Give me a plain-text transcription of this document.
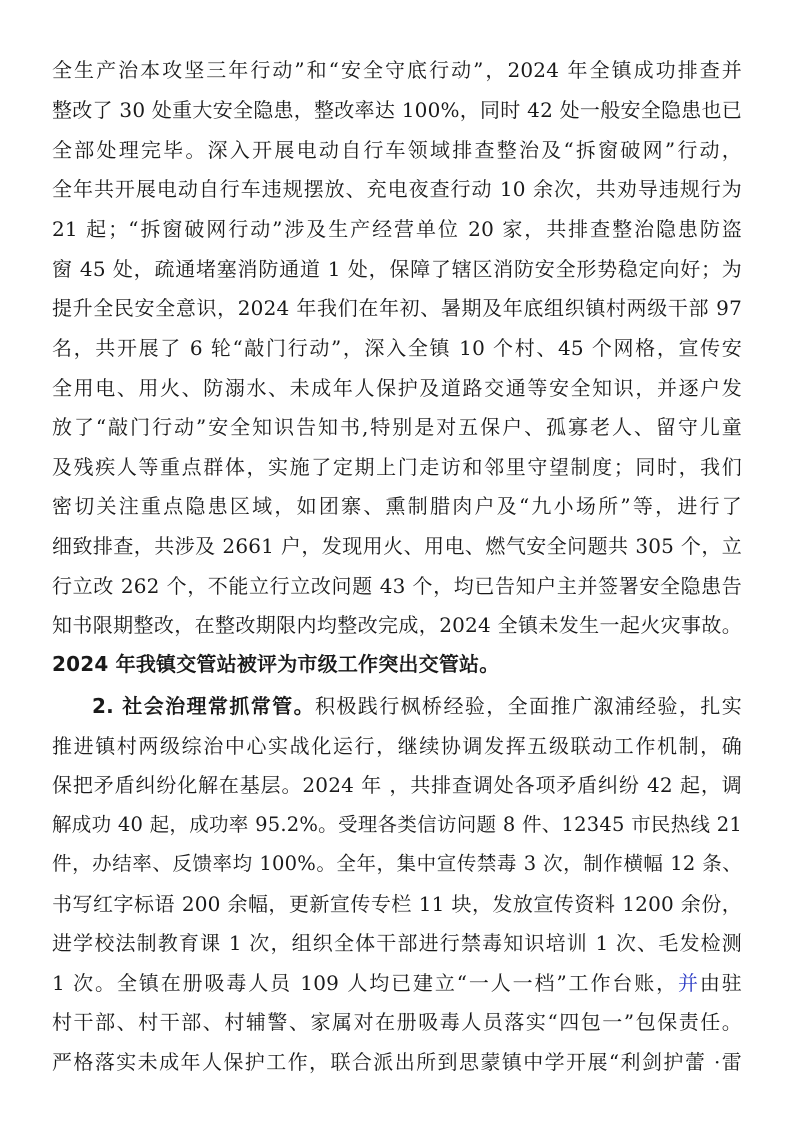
全生产治本攻坚三年行动”和“安全守底行动”，2024 年全镇成功排查并
整改了 30 处重大安全隐患，整改率达 100%，同时 42 处一般安全隐患也已
全部处理完毕。深入开展电动自行车领域排查整治及“拆窗破网”行动，
全年共开展电动自行车违规摆放、充电夜查行动 10 余次，共劝导违规行为
21 起；“拆窗破网行动”涉及生产经营单位 20 家，共排查整治隐患防盗
窗 45 处，疏通堵塞消防通道 1 处，保障了辖区消防安全形势稳定向好；为
提升全民安全意识，2024 年我们在年初、暑期及年底组织镇村两级干部 97
名，共开展了 6 轮“敲门行动”，深入全镇 10 个村、45 个网格，宣传安
全用电、用火、防溺水、未成年人保护及道路交通等安全知识，并逐户发
放了“敲门行动”安全知识告知书,特别是对五保户、孤寡老人、留守儿童
及残疾人等重点群体，实施了定期上门走访和邻里守望制度；同时，我们
密切关注重点隐患区域，如团寨、熏制腊肉户及“九小场所”等，进行了
细致排查，共涉及 2661 户，发现用火、用电、燃气安全问题共 305 个，立
行立改 262 个，不能立行立改问题 43 个，均已告知户主并签署安全隐患告
知书限期整改，在整改期限内均整改完成，2024 全镇未发生一起火灾事故。
2024 年我镇交管站被评为市级工作突出交管站。
2. 社会治理常抓常管。积极践行枫桥经验，全面推广溆浦经验，扎实
推进镇村两级综治中心实战化运行，继续协调发挥五级联动工作机制，确
保把矛盾纠纷化解在基层。2024 年 ，共排查调处各项矛盾纠纷 42 起，调
解成功 40 起，成功率 95.2%。受理各类信访问题 8 件、12345 市民热线 21
件，办结率、反馈率均 100%。全年，集中宣传禁毒 3 次，制作横幅 12 条、
书写红字标语 200 余幅，更新宣传专栏 11 块，发放宣传资料 1200 余份，
进学校法制教育课 1 次，组织全体干部进行禁毒知识培训 1 次、毛发检测
1 次。全镇在册吸毒人员 109 人均已建立“一人一档”工作台账，并由驻
村干部、村干部、村辅警、家属对在册吸毒人员落实“四包一”包保责任。
严格落实未成年人保护工作，联合派出所到思蒙镇中学开展“利剑护蕾 ·雷
